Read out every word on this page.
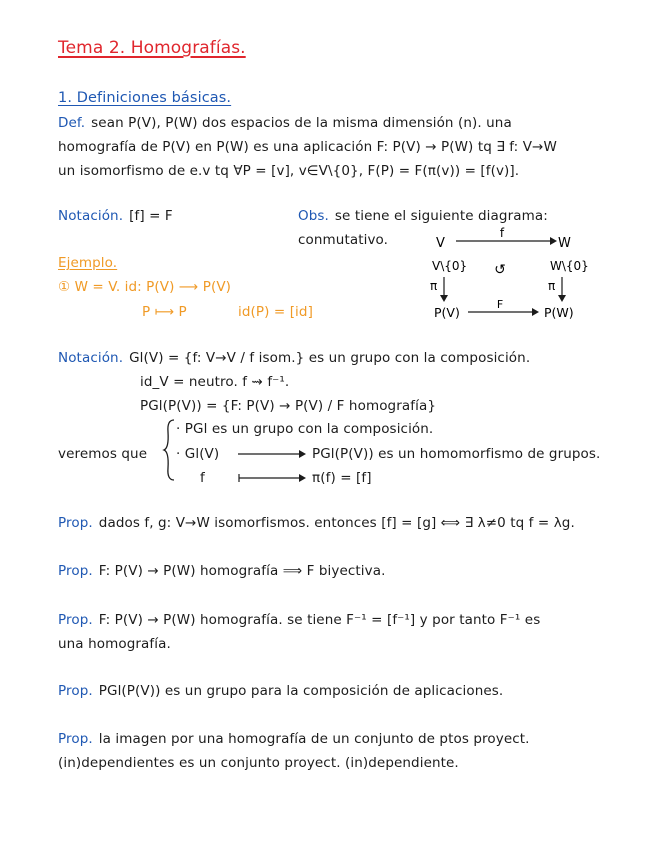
Tema 2. Homografías.
1. Definiciones básicas.
Def. sean P(V), P(W) dos espacios de la misma dimensión (n). una
homografía de P(V) en P(W) es una aplicación F: P(V) → P(W) tq ∃ f: V→W
un isomorfismo de e.v tq ∀P = [v], v∈V\{0}, F(P) = F(π(v)) = [f(v)].
Notación. [f] = F	Obs. se tiene el siguiente diagrama:
conmutativo.	V
f
W
V\{0} ↺	W\{0}
π	π
P(V)
F
P(W)
Ejemplo.
① W = V. id: P(V) ⟶ P(V)
P ⟼ P	id(P) = [id]
Notación. Gl(V) = {f: V→V / f isom.} es un grupo con la composición.
id_V = neutro. f ⇝ f⁻¹.
PGl(P(V)) = {F: P(V) → P(V) / F homografía}
veremos que
· PGl es un grupo con la composición.
· Gl(V)	PGl(P(V)) es un homomorfismo de grupos.
f	π(f) = [f]
Prop. dados f, g: V→W isomorfismos. entonces [f] = [g] ⟺ ∃ λ≠0 tq f = λg.
Prop. F: P(V) → P(W) homografía ⟹ F biyectiva.
Prop. F: P(V) → P(W) homografía. se tiene F⁻¹ = [f⁻¹] y por tanto F⁻¹ es
una homografía.
Prop. PGl(P(V)) es un grupo para la composición de aplicaciones.
Prop. la imagen por una homografía de un conjunto de ptos proyect.
(in)dependientes es un conjunto proyect. (in)dependiente.
